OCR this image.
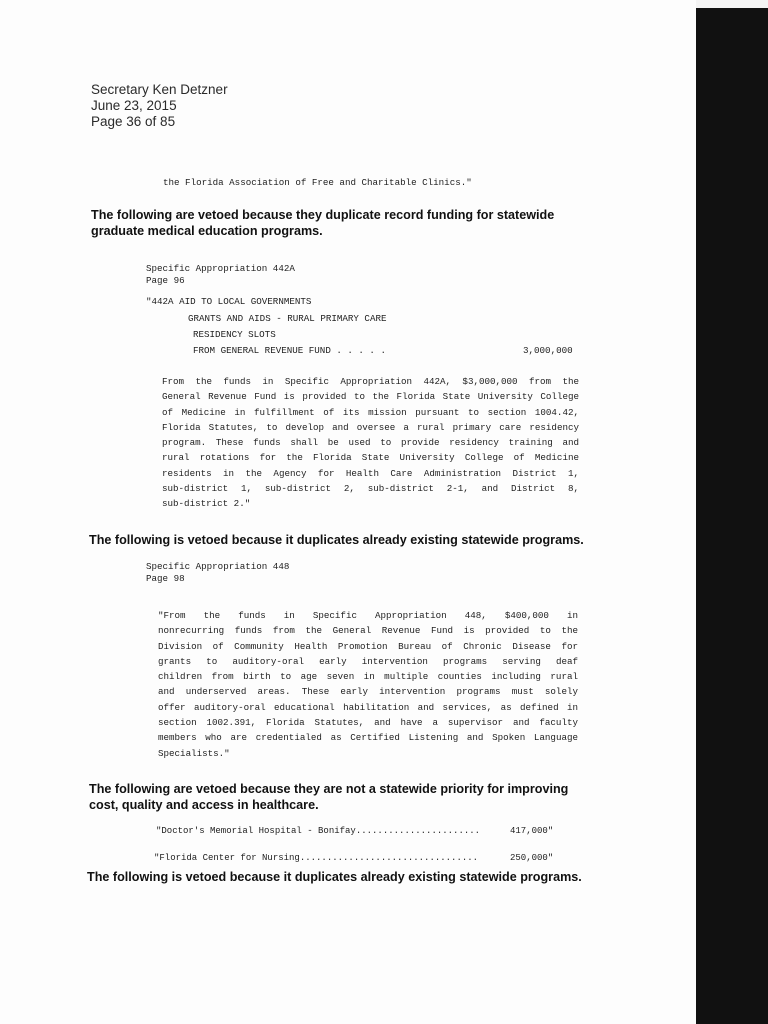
Secretary Ken Detzner
June 23, 2015
Page 36 of 85
the Florida Association of Free and Charitable Clinics."
The following are vetoed because they duplicate record funding for statewide
graduate medical education programs.
Specific Appropriation 442A
Page 96
"442A AID TO LOCAL GOVERNMENTS
GRANTS AND AIDS - RURAL PRIMARY CARE
RESIDENCY SLOTS
FROM GENERAL REVENUE FUND . . . . .	3,000,000
From the funds in Specific Appropriation 442A, $3,000,000 from the
General Revenue Fund is provided to the Florida State University College
of Medicine in fulfillment of its mission pursuant to section 1004.42,
Florida Statutes, to develop and oversee a rural primary care residency
program. These funds shall be used to provide residency training and
rural rotations for the Florida State University College of Medicine
residents in the Agency for Health Care Administration District 1,
sub-district 1, sub-district 2, sub-district 2-1, and District 8,
sub-district 2."
The following is vetoed because it duplicates already existing statewide programs.
Specific Appropriation 448
Page 98
"From the funds in Specific Appropriation 448, $400,000 in
nonrecurring funds from the General Revenue Fund is provided to the
Division of Community Health Promotion Bureau of Chronic Disease for
grants to auditory-oral early intervention programs serving deaf
children from birth to age seven in multiple counties including rural
and underserved areas. These early intervention programs must solely
offer auditory-oral educational habilitation and services, as defined in
section 1002.391, Florida Statutes, and have a supervisor and faculty
members who are credentialed as Certified Listening and Spoken Language
Specialists."
The following are vetoed because they are not a statewide priority for improving
cost, quality and access in healthcare.
"Doctor's Memorial Hospital - Bonifay.......................	417,000"
"Florida Center for Nursing.................................	250,000"
The following is vetoed because it duplicates already existing statewide programs.
